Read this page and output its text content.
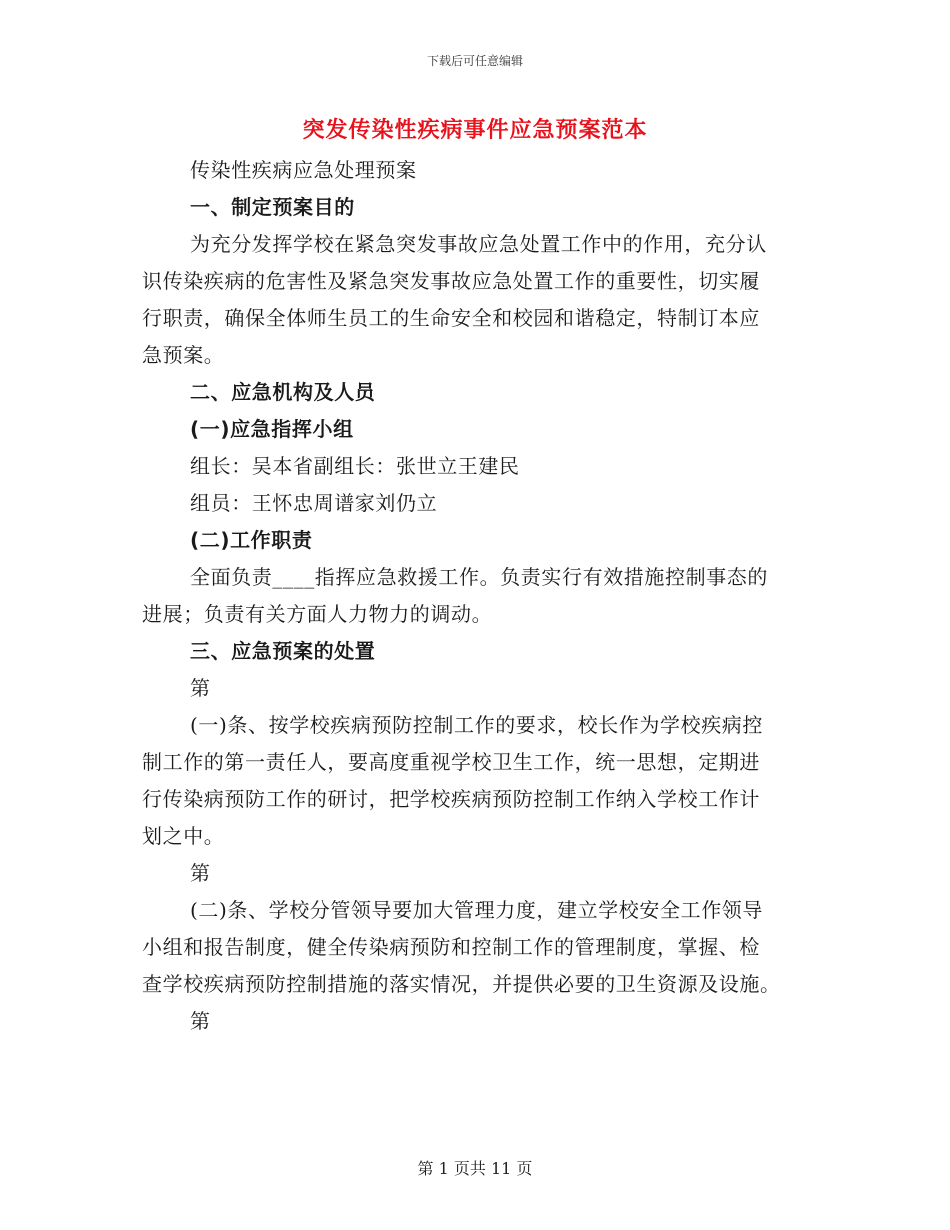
下载后可任意编辑
突发传染性疾病事件应急预案范本
传染性疾病应急处理预案
一、制定预案目的
为充分发挥学校在紧急突发事故应急处置工作中的作用，充分认
识传染疾病的危害性及紧急突发事故应急处置工作的重要性，切实履
行职责，确保全体师生员工的生命安全和校园和谐稳定，特制订本应
急预案。
二、应急机构及人员
(一)应急指挥小组
组长：吴本省副组长：张世立王建民
组员：王怀忠周谱家刘仍立
(二)工作职责
全面负责____指挥应急救援工作。负责实行有效措施控制事态的
进展；负责有关方面人力物力的调动。
三、应急预案的处置
第
(一)条、按学校疾病预防控制工作的要求，校长作为学校疾病控
制工作的第一责任人，要高度重视学校卫生工作，统一思想，定期进
行传染病预防工作的研讨，把学校疾病预防控制工作纳入学校工作计
划之中。
第
(二)条、学校分管领导要加大管理力度，建立学校安全工作领导
小组和报告制度，健全传染病预防和控制工作的管理制度，掌握、检
查学校疾病预防控制措施的落实情况，并提供必要的卫生资源及设施。
第
第 1 页共 11 页
